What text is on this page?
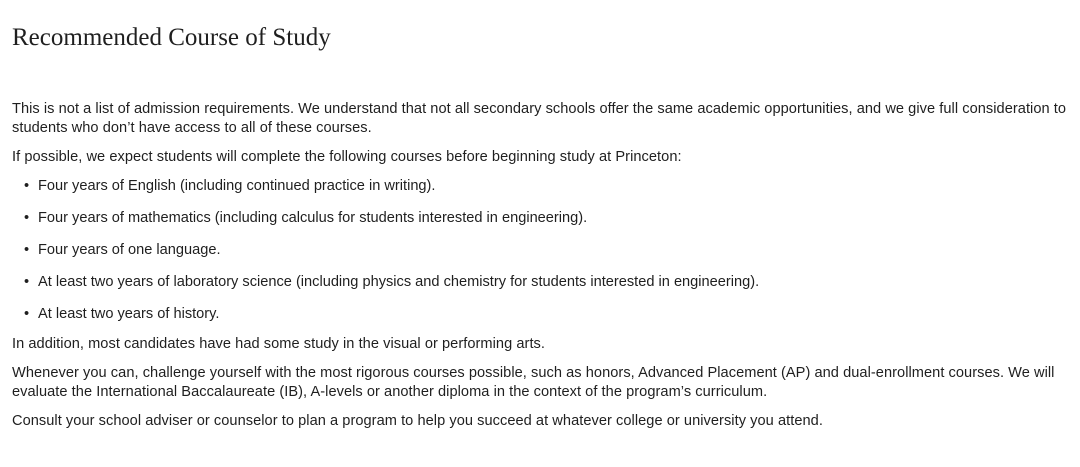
Recommended Course of Study

This is not a list of admission requirements. We understand that not all secondary schools offer the same academic opportunities, and we give full consideration to students who don’t have access to all of these courses.

If possible, we expect students will complete the following courses before beginning study at Princeton:

• Four years of English (including continued practice in writing).
• Four years of mathematics (including calculus for students interested in engineering).
• Four years of one language.
• At least two years of laboratory science (including physics and chemistry for students interested in engineering).
• At least two years of history.

In addition, most candidates have had some study in the visual or performing arts.

Whenever you can, challenge yourself with the most rigorous courses possible, such as honors, Advanced Placement (AP) and dual-enrollment courses. We will evaluate the International Baccalaureate (IB), A-levels or another diploma in the context of the program’s curriculum.

Consult your school adviser or counselor to plan a program to help you succeed at whatever college or university you attend.
